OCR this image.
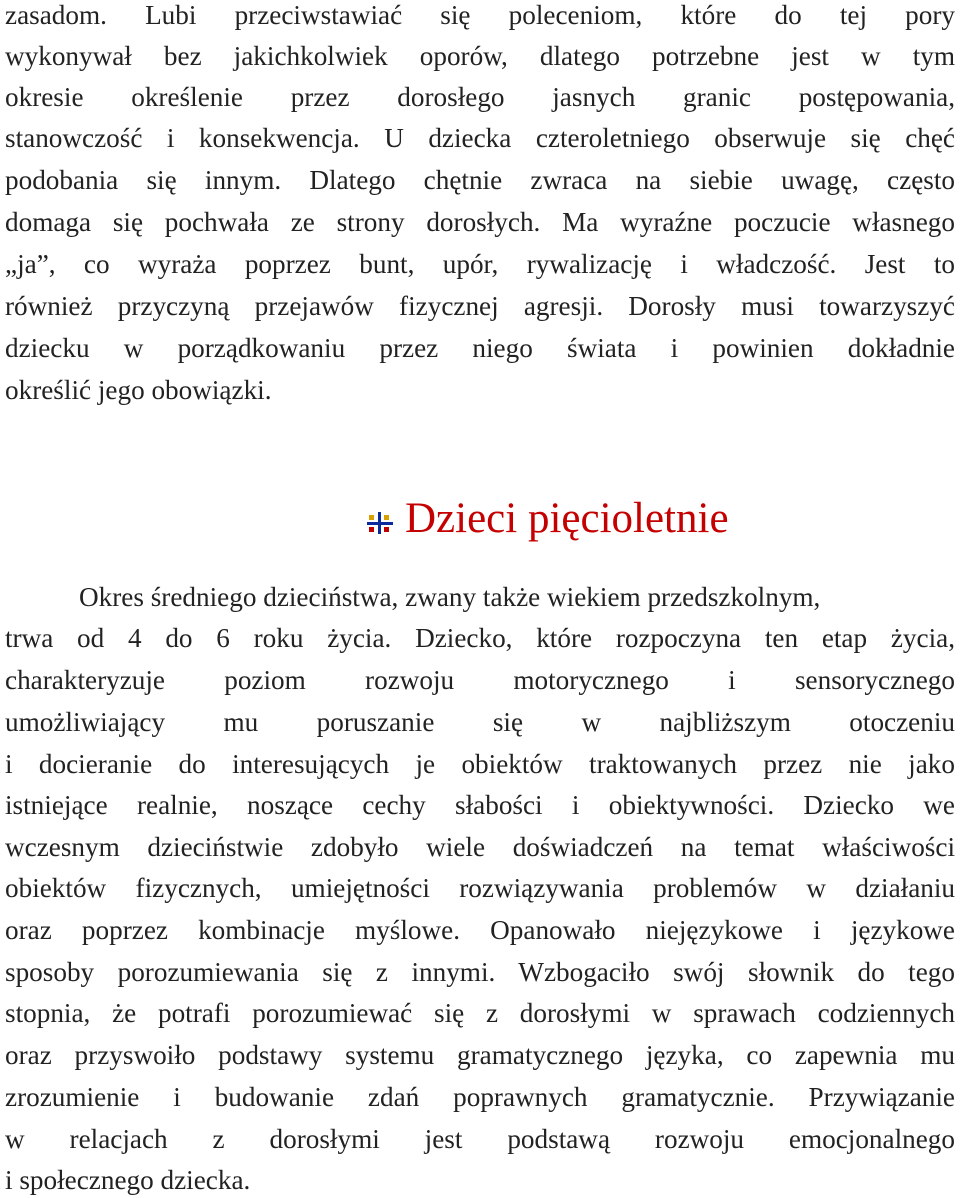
zasadom. Lubi przeciwstawiać się poleceniom, które do tej pory
wykonywał bez jakichkolwiek oporów, dlatego potrzebne jest w tym
okresie określenie przez dorosłego jasnych granic postępowania,
stanowczość i konsekwencja. U dziecka czteroletniego obserwuje się chęć
podobania się innym. Dlatego chętnie zwraca na siebie uwagę, często
domaga się pochwała ze strony dorosłych. Ma wyraźne poczucie własnego
„ja”, co wyraża poprzez bunt, upór, rywalizację i władczość. Jest to
również przyczyną przejawów fizycznej agresji. Dorosły musi towarzyszyć
dziecku w porządkowaniu przez niego świata i powinien dokładnie
określić jego obowiązki.
Dzieci pięcioletnie
Okres średniego dzieciństwa, zwany także wiekiem przedszkolnym,
trwa od 4 do 6 roku życia. Dziecko, które rozpoczyna ten etap życia,
charakteryzuje poziom rozwoju motorycznego i sensorycznego
umożliwiający mu poruszanie się w najbliższym otoczeniu
i docieranie do interesujących je obiektów traktowanych przez nie jako
istniejące realnie, noszące cechy słabości i obiektywności. Dziecko we
wczesnym dzieciństwie zdobyło wiele doświadczeń na temat właściwości
obiektów fizycznych, umiejętności rozwiązywania problemów w działaniu
oraz poprzez kombinacje myślowe. Opanowało niejęzykowe i językowe
sposoby porozumiewania się z innymi. Wzbogaciło swój słownik do tego
stopnia, że potrafi porozumiewać się z dorosłymi w sprawach codziennych
oraz przyswoiło podstawy systemu gramatycznego języka, co zapewnia mu
zrozumienie i budowanie zdań poprawnych gramatycznie. Przywiązanie
w relacjach z dorosłymi jest podstawą rozwoju emocjonalnego
i społecznego dziecka.
